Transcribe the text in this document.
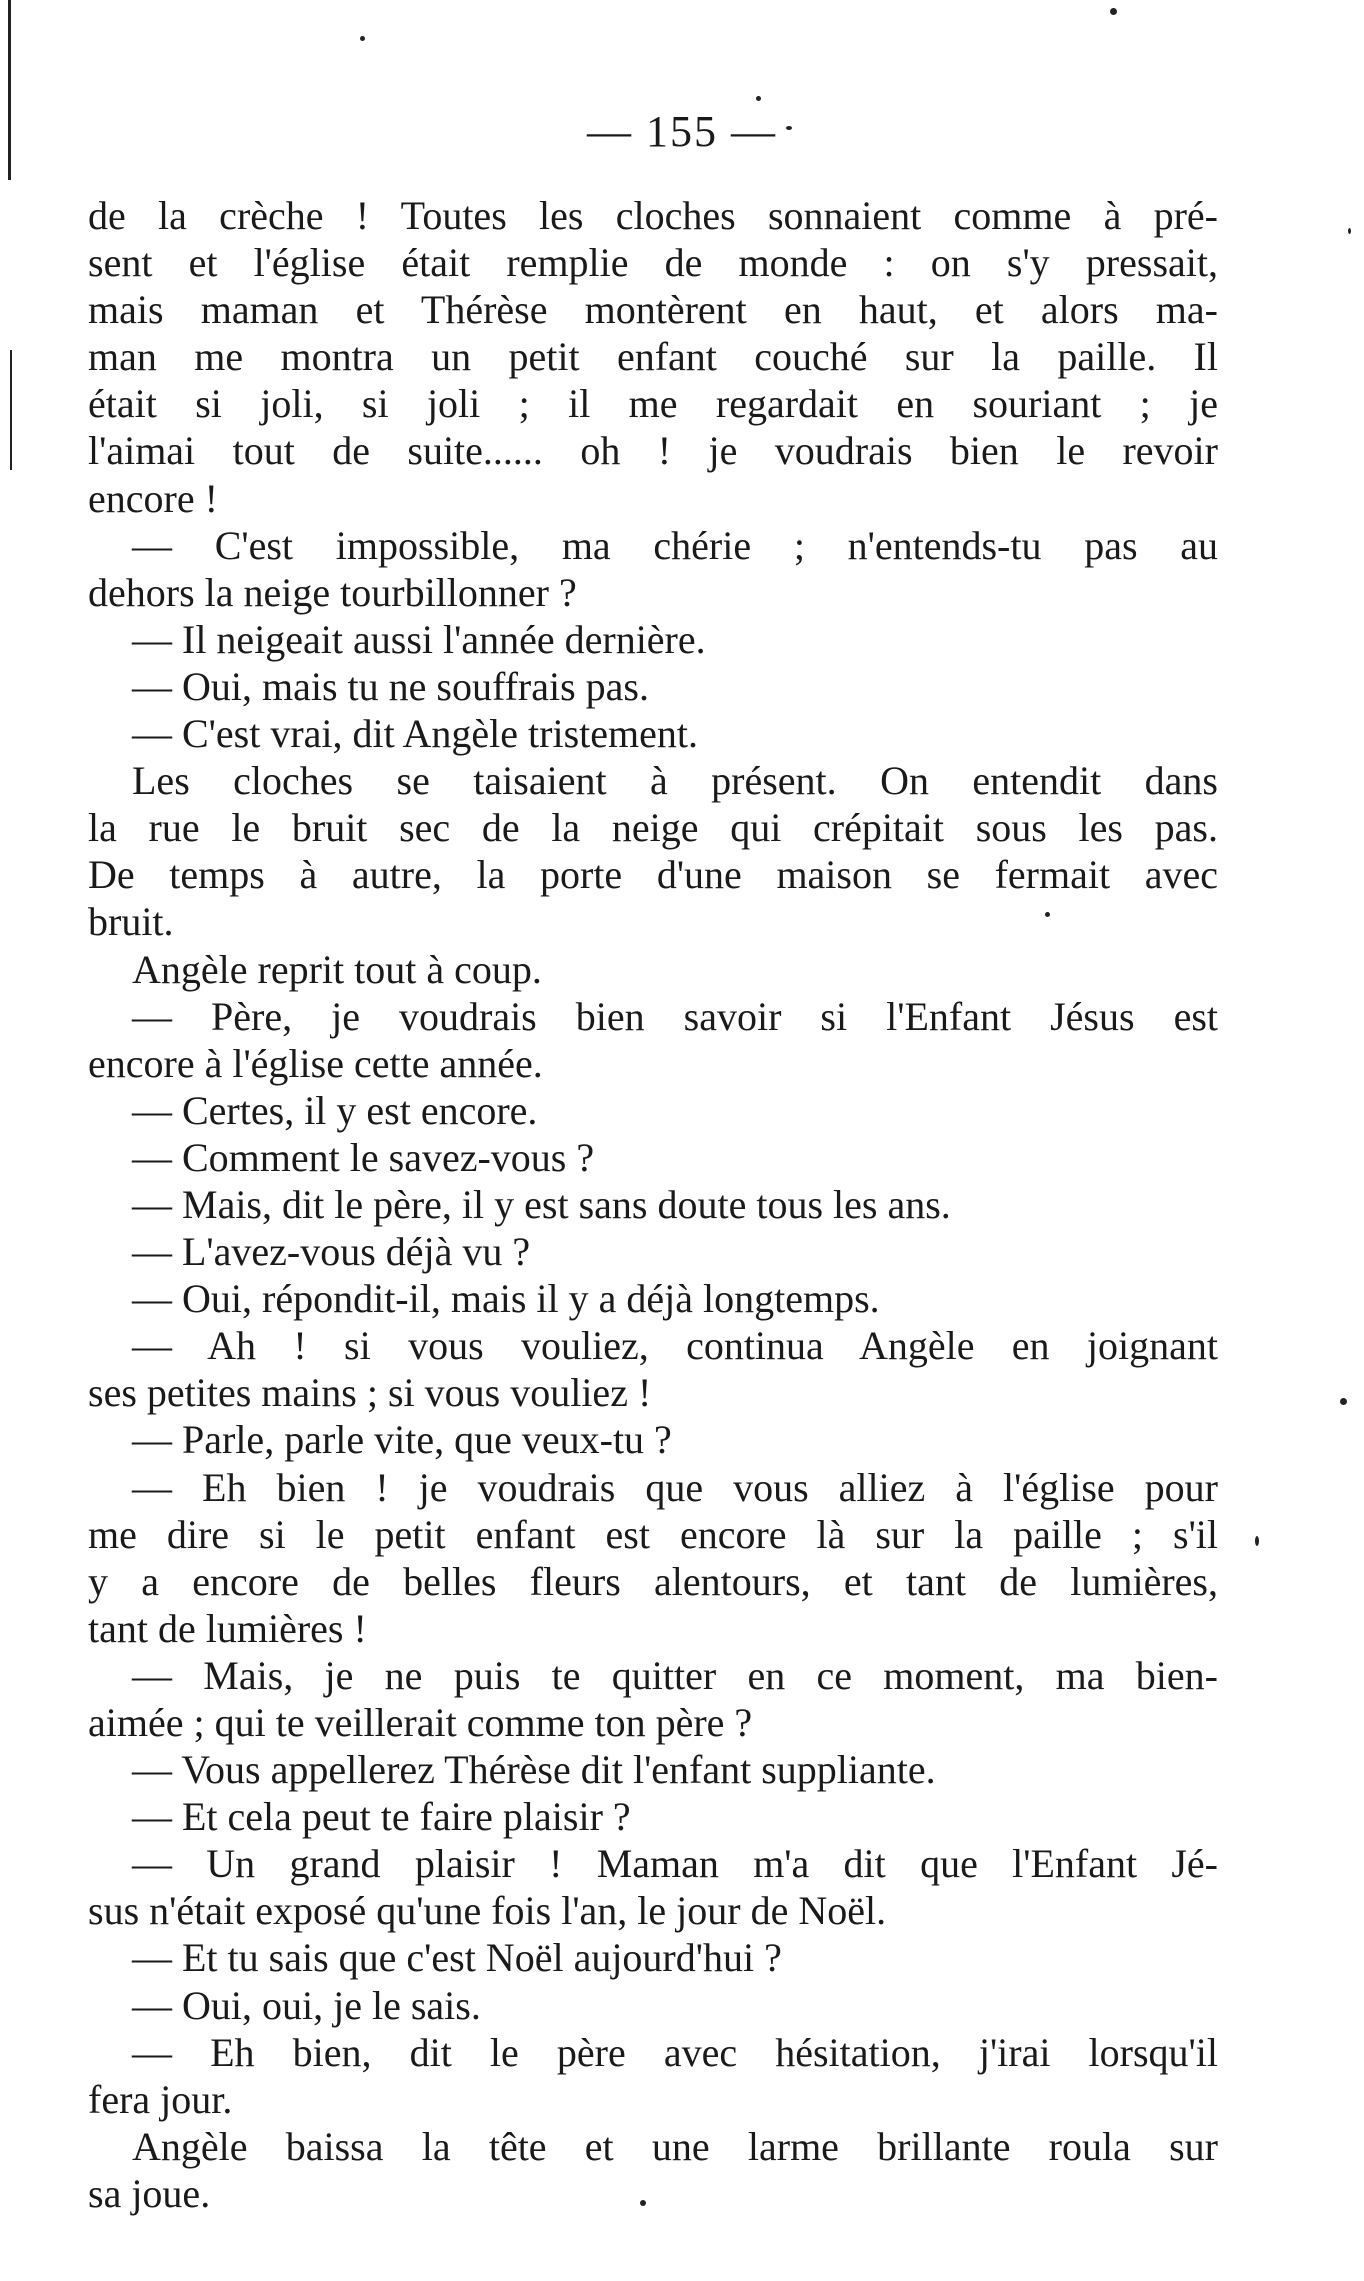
— 155 —
de la crèche ! Toutes les cloches sonnaient comme à pré-
sent et l'église était remplie de monde : on s'y pressait,
mais maman et Thérèse montèrent en haut, et alors ma-
man me montra un petit enfant couché sur la paille. Il
était si joli, si joli ; il me regardait en souriant ; je
l'aimai tout de suite...... oh ! je voudrais bien le revoir
encore !
— C'est impossible, ma chérie ; n'entends-tu pas au
dehors la neige tourbillonner ?
— Il neigeait aussi l'année dernière.
— Oui, mais tu ne souffrais pas.
— C'est vrai, dit Angèle tristement.
Les cloches se taisaient à présent. On entendit dans
la rue le bruit sec de la neige qui crépitait sous les pas.
De temps à autre, la porte d'une maison se fermait avec
bruit.
Angèle reprit tout à coup.
— Père, je voudrais bien savoir si l'Enfant Jésus est
encore à l'église cette année.
— Certes, il y est encore.
— Comment le savez-vous ?
— Mais, dit le père, il y est sans doute tous les ans.
— L'avez-vous déjà vu ?
— Oui, répondit-il, mais il y a déjà longtemps.
— Ah ! si vous vouliez, continua Angèle en joignant
ses petites mains ; si vous vouliez !
— Parle, parle vite, que veux-tu ?
— Eh bien ! je voudrais que vous alliez à l'église pour
me dire si le petit enfant est encore là sur la paille ; s'il
y a encore de belles fleurs alentours, et tant de lumières,
tant de lumières !
— Mais, je ne puis te quitter en ce moment, ma bien-
aimée ; qui te veillerait comme ton père ?
— Vous appellerez Thérèse dit l'enfant suppliante.
— Et cela peut te faire plaisir ?
— Un grand plaisir ! Maman m'a dit que l'Enfant Jé-
sus n'était exposé qu'une fois l'an, le jour de Noël.
— Et tu sais que c'est Noël aujourd'hui ?
— Oui, oui, je le sais.
— Eh bien, dit le père avec hésitation, j'irai lorsqu'il
fera jour.
Angèle baissa la tête et une larme brillante roula sur
sa joue.
